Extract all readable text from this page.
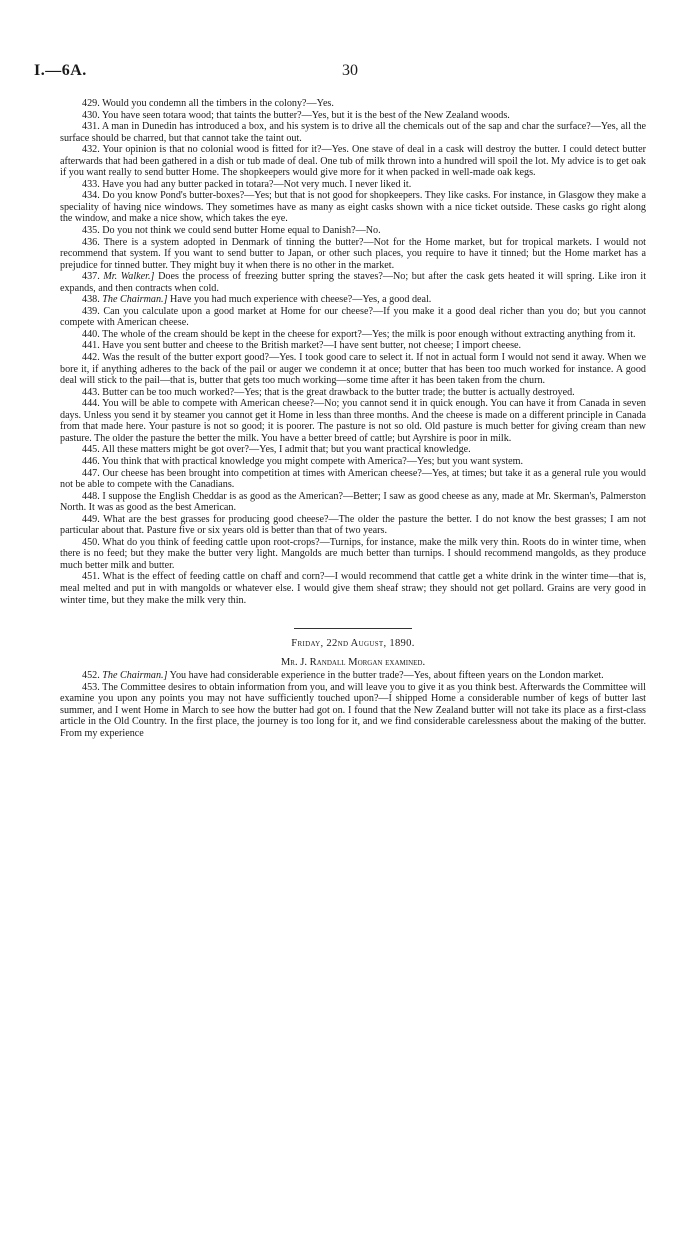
I.—6A.	30

429. Would you condemn all the timbers in the colony?—Yes.

430. You have seen totara wood; that taints the butter?—Yes, but it is the best of the New Zealand woods.

431. A man in Dunedin has introduced a box, and his system is to drive all the chemicals out of the sap and char the surface?—Yes, all the surface should be charred, but that cannot take the taint out.

432. Your opinion is that no colonial wood is fitted for it?—Yes. One stave of deal in a cask will destroy the butter. I could detect butter afterwards that had been gathered in a dish or tub made of deal. One tub of milk thrown into a hundred will spoil the lot. My advice is to get oak if you want really to send butter Home. The shopkeepers would give more for it when packed in well-made oak kegs.

433. Have you had any butter packed in totara?—Not very much. I never liked it.

434. Do you know Pond's butter-boxes?—Yes; but that is not good for shopkeepers. They like casks. For instance, in Glasgow they make a speciality of having nice windows. They sometimes have as many as eight casks shown with a nice ticket outside. These casks go right along the window, and make a nice show, which takes the eye.

435. Do you not think we could send butter Home equal to Danish?—No.

436. There is a system adopted in Denmark of tinning the butter?—Not for the Home market, but for tropical markets. I would not recommend that system. If you want to send butter to Japan, or other such places, you require to have it tinned; but the Home market has a prejudice for tinned butter. They might buy it when there is no other in the market.

437. Mr. Walker.] Does the process of freezing butter spring the staves?—No; but after the cask gets heated it will spring. Like iron it expands, and then contracts when cold.

438. The Chairman.] Have you had much experience with cheese?—Yes, a good deal.

439. Can you calculate upon a good market at Home for our cheese?—If you make it a good deal richer than you do; but you cannot compete with American cheese.

440. The whole of the cream should be kept in the cheese for export?—Yes; the milk is poor enough without extracting anything from it.

441. Have you sent butter and cheese to the British market?—I have sent butter, not cheese; I import cheese.

442. Was the result of the butter export good?—Yes. I took good care to select it. If not in actual form I would not send it away. When we bore it, if anything adheres to the back of the pail or auger we condemn it at once; butter that has been too much worked for instance. A good deal will stick to the pail—that is, butter that gets too much working—some time after it has been taken from the churn.

443. Butter can be too much worked?—Yes; that is the great drawback to the butter trade; the butter is actually destroyed.

444. You will be able to compete with American cheese?—No; you cannot send it in quick enough. You can have it from Canada in seven days. Unless you send it by steamer you cannot get it Home in less than three months. And the cheese is made on a different principle in Canada from that made here. Your pasture is not so good; it is poorer. The pasture is not so old. Old pasture is much better for giving cream than new pasture. The older the pasture the better the milk. You have a better breed of cattle; but Ayrshire is poor in milk.

445. All these matters might be got over?—Yes, I admit that; but you want practical knowledge.

446. You think that with practical knowledge you might compete with America?—Yes; but you want system.

447. Our cheese has been brought into competition at times with American cheese?—Yes, at times; but take it as a general rule you would not be able to compete with the Canadians.

448. I suppose the English Cheddar is as good as the American?—Better; I saw as good cheese as any, made at Mr. Skerman's, Palmerston North. It was as good as the best American.

449. What are the best grasses for producing good cheese?—The older the pasture the better. I do not know the best grasses; I am not particular about that. Pasture five or six years old is better than that of two years.

450. What do you think of feeding cattle upon root-crops?—Turnips, for instance, make the milk very thin. Roots do in winter time, when there is no feed; but they make the butter very light. Mangolds are much better than turnips. I should recommend mangolds, as they produce much better milk and butter.

451. What is the effect of feeding cattle on chaff and corn?—I would recommend that cattle get a white drink in the winter time—that is, meal melted and put in with mangolds or whatever else. I would give them sheaf straw; they should not get pollard. Grains are very good in winter time, but they make the milk very thin.

Friday, 22nd August, 1890.

Mr. J. Randall Morgan examined.

452. The Chairman.] You have had considerable experience in the butter trade?—Yes, about fifteen years on the London market.

453. The Committee desires to obtain information from you, and will leave you to give it as you think best. Afterwards the Committee will examine you upon any points you may not have sufficiently touched upon?—I shipped Home a considerable number of kegs of butter last summer, and I went Home in March to see how the butter had got on. I found that the New Zealand butter will not take its place as a first-class article in the Old Country. In the first place, the journey is too long for it, and we find considerable carelessness about the making of the butter. From my experience
